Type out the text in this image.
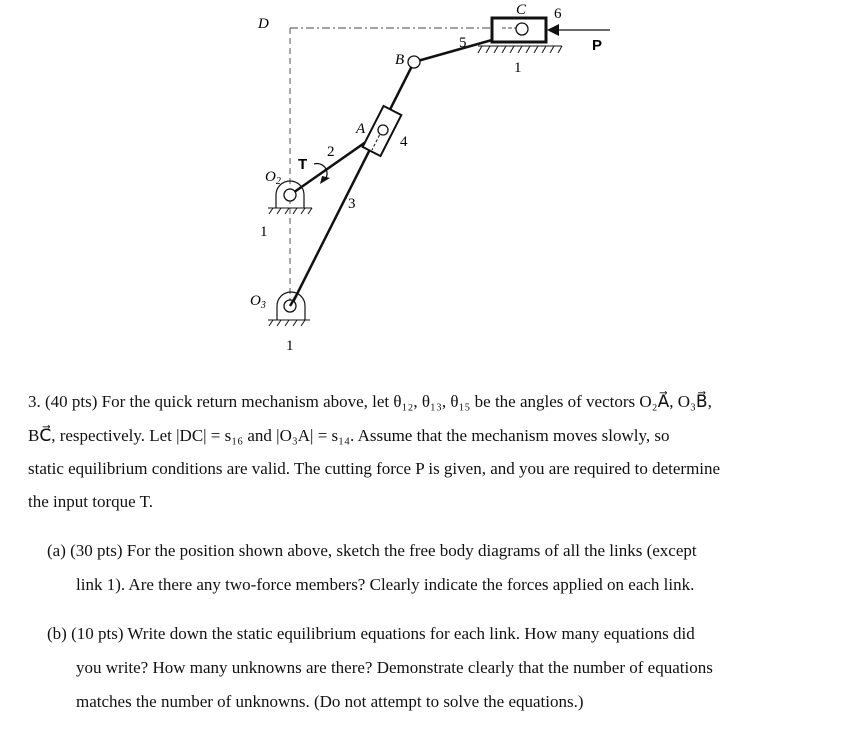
D
C 6
P
5
1
B
A
4
2
3
T
$O_2$
1
$O_3$
1
3. (40 pts) For the quick return mechanism above, let θ₁₂, θ₁₃, θ₁₅ be the angles of vectors O₂A⃗, O₃B⃗,
BC⃗, respectively. Let |DC| = s₁₆ and |O₃A| = s₁₄. Assume that the mechanism moves slowly, so
static equilibrium conditions are valid. The cutting force P is given, and you are required to determine
the input torque T.
(a) (30 pts) For the position shown above, sketch the free body diagrams of all the links (except
link 1). Are there any two-force members? Clearly indicate the forces applied on each link.
(b) (10 pts) Write down the static equilibrium equations for each link. How many equations did
you write? How many unknowns are there? Demonstrate clearly that the number of equations
matches the number of unknowns. (Do not attempt to solve the equations.)
